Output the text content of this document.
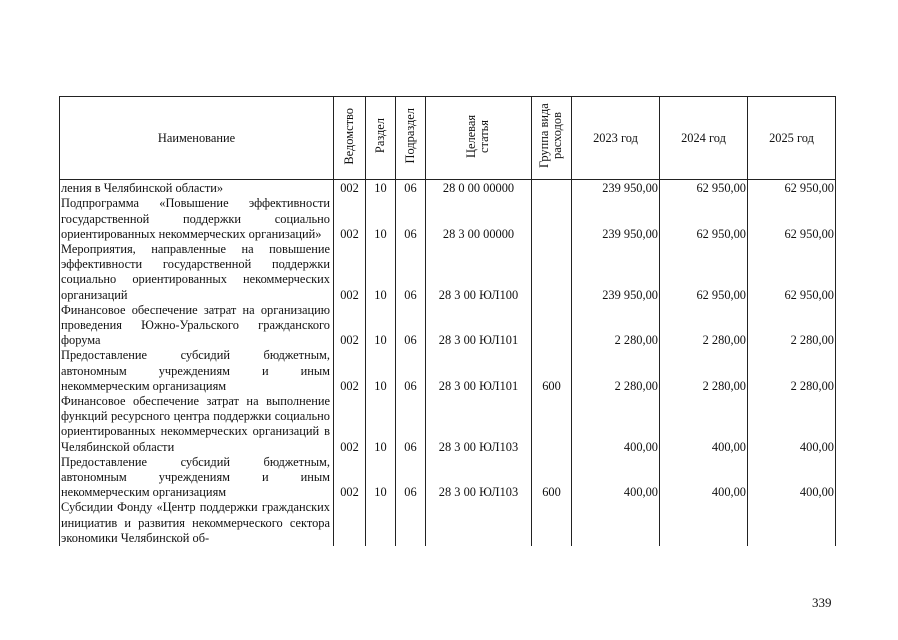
Наименование	Ведомство	Раздел	Подраздел	Целевая статья	Группа вида расходов	2023 год	2024 год	2025 год
ления в Челябинской области»	002	10	06	28 0 00 00000		239 950,00	62 950,00	62 950,00
Подпрограмма «Повышение эффективности государственной поддержки социально ориентированных некоммерческих организаций»	002	10	06	28 3 00 00000		239 950,00	62 950,00	62 950,00
Мероприятия, направленные на повышение эффективности государственной поддержки социально ориентированных некоммерческих организаций	002	10	06	28 3 00 ЮЛ100		239 950,00	62 950,00	62 950,00
Финансовое обеспечение затрат на организацию проведения Южно-Уральского гражданского форума	002	10	06	28 3 00 ЮЛ101		2 280,00	2 280,00	2 280,00
Предоставление субсидий бюджетным, автономным учреждениям и иным некоммерческим организациям	002	10	06	28 3 00 ЮЛ101	600	2 280,00	2 280,00	2 280,00
Финансовое обеспечение затрат на выполнение функций ресурсного центра поддержки социально ориентированных некоммерческих организаций в Челябинской области	002	10	06	28 3 00 ЮЛ103		400,00	400,00	400,00
Предоставление субсидий бюджетным, автономным учреждениям и иным некоммерческим организациям	002	10	06	28 3 00 ЮЛ103	600	400,00	400,00	400,00
Субсидии Фонду «Центр поддержки гражданских инициатив и развития некоммерческого сектора экономики Челябинской об-								
339
